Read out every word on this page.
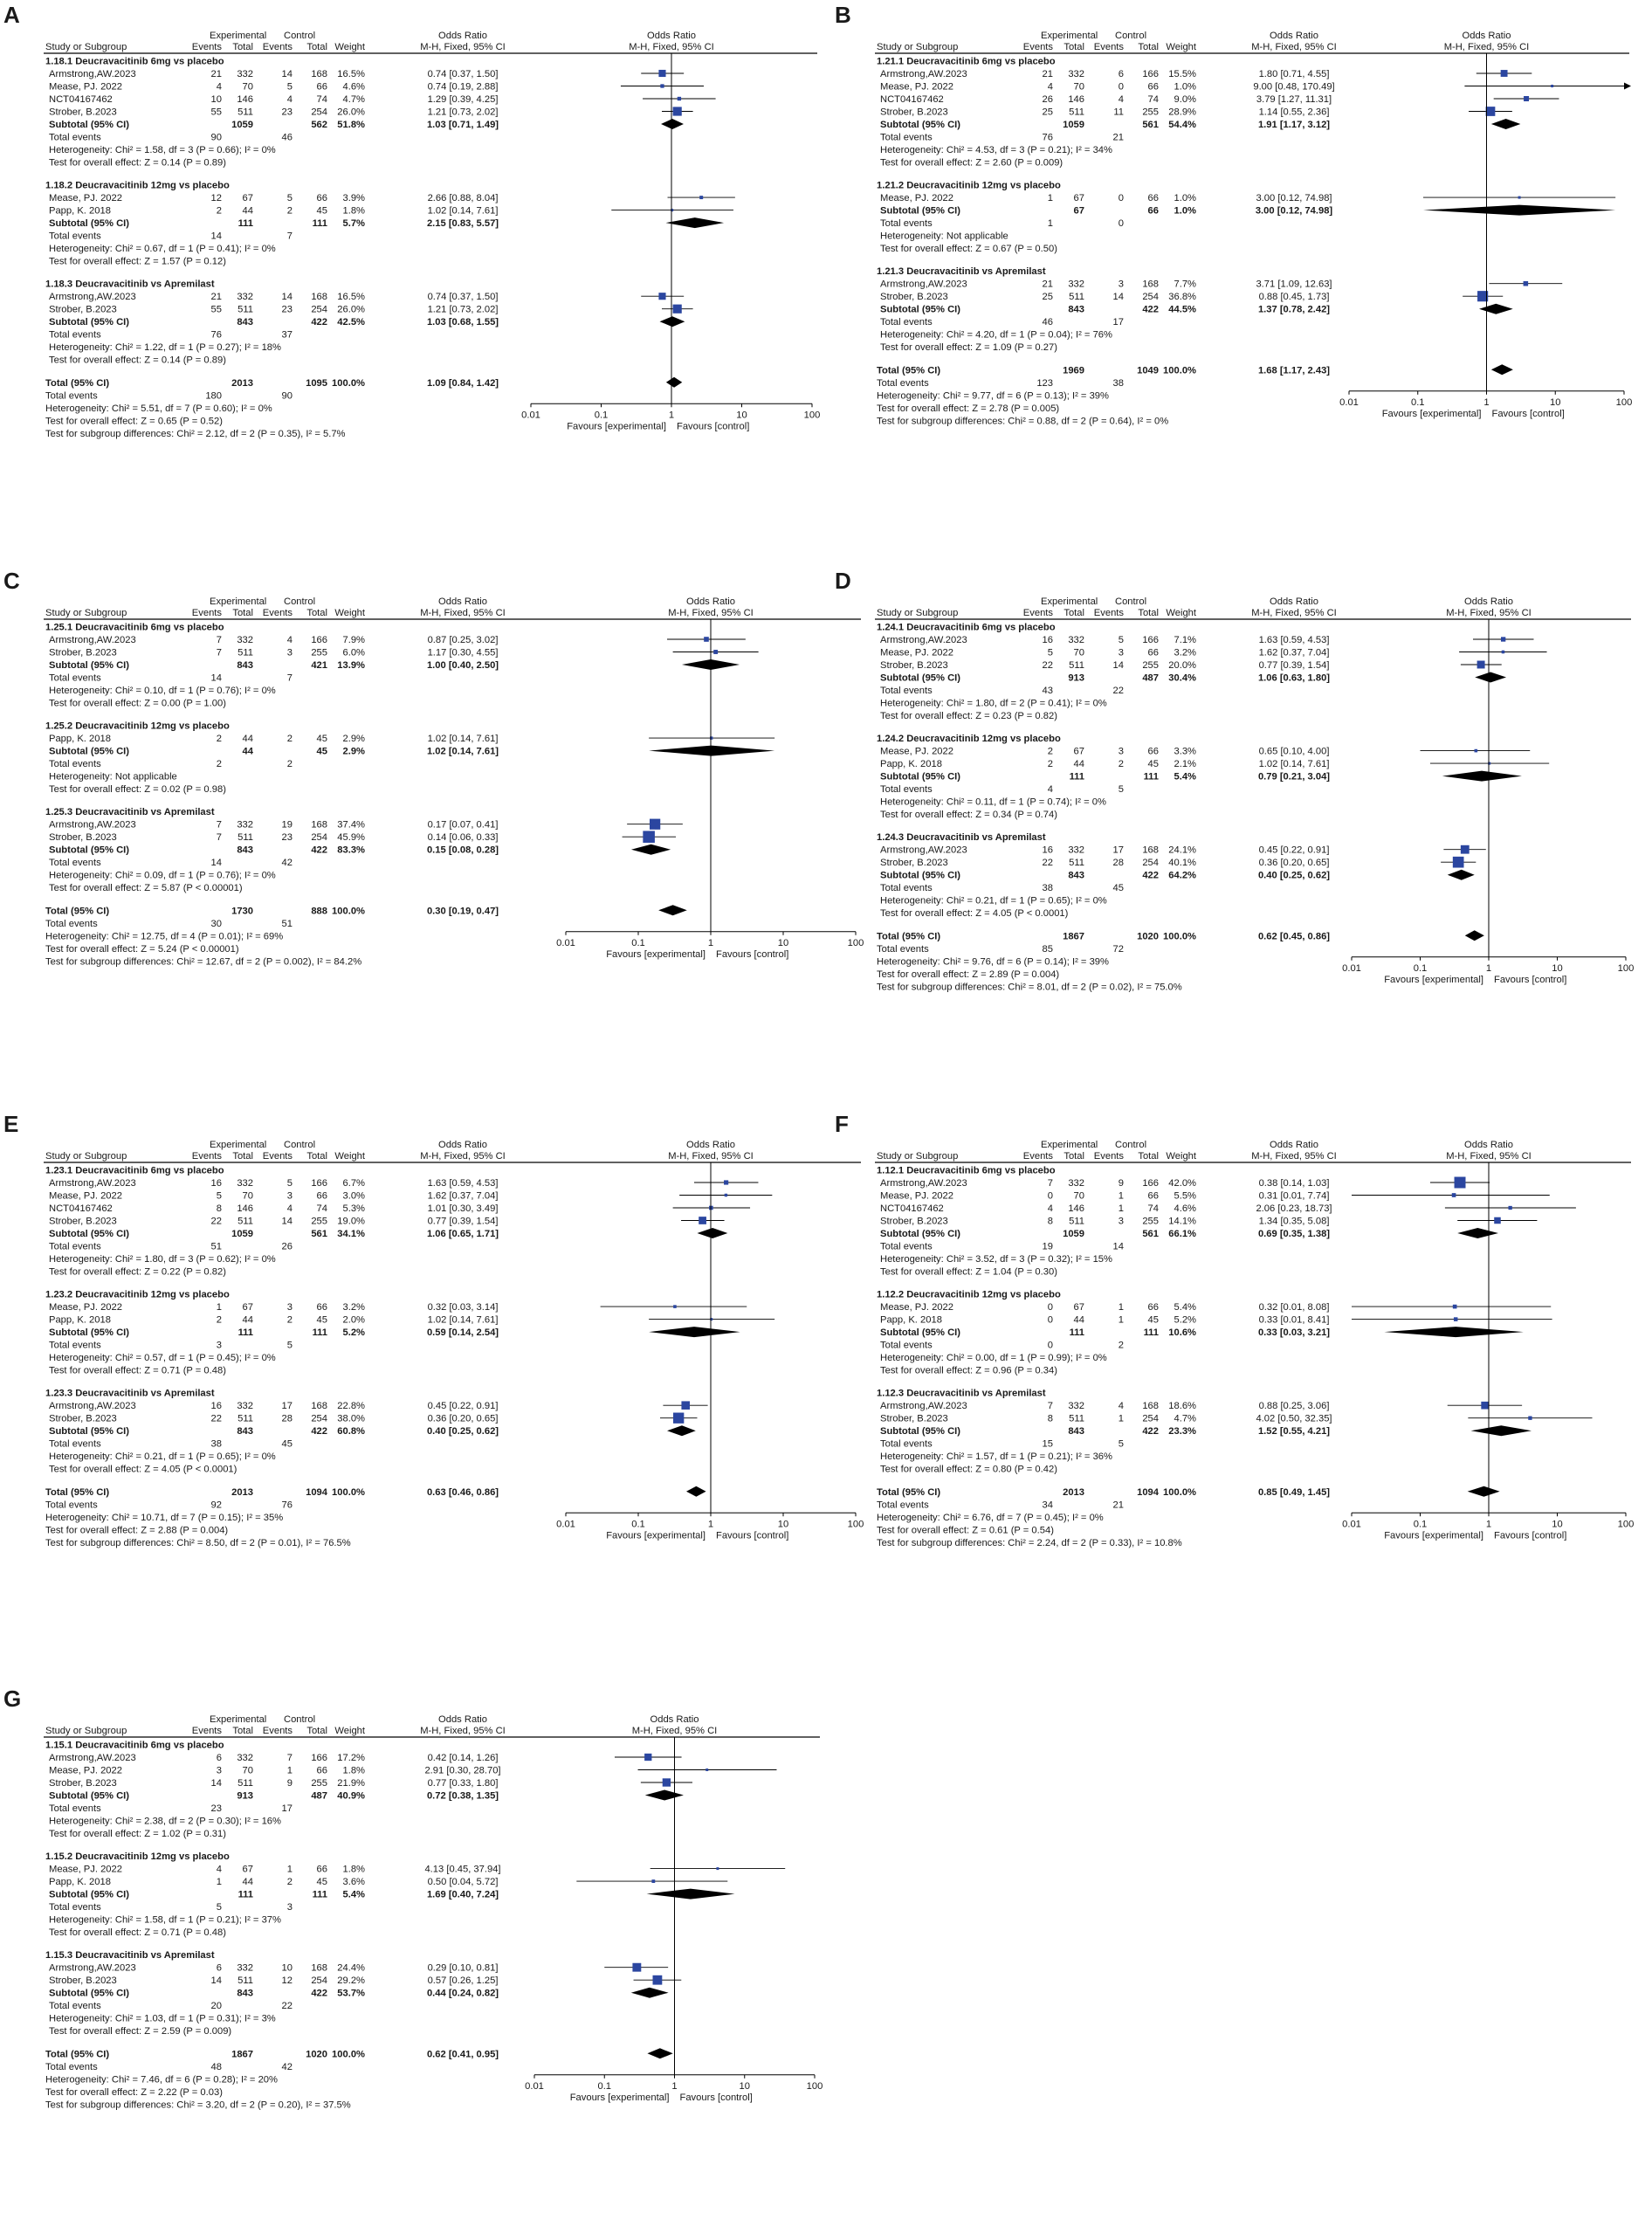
A
Experimental Control	Odds Ratio	Odds Ratio
Study or Subgroup	Events Total Events Total Weight	M-H, Fixed, 95% CI	M-H, Fixed, 95% CI
1.18.1 Deucravacitinib 6mg vs placebo
Armstrong,AW.2023	21 332	14 168 16.5%	0.74 [0.37, 1.50]
Mease, PJ. 2022	4 70	5 66 4.6%	0.74 [0.19, 2.88]
NCT04167462	10 146	4 74 4.7%	1.29 [0.39, 4.25]
Strober, B.2023	55 511	23 254 26.0%	1.21 [0.73, 2.02]
Subtotal (95% CI)	1059	562 51.8%	1.03 [0.71, 1.49]
Total events	90	46
Heterogeneity: Chi² = 1.58, df = 3 (P = 0.66); I² = 0%
Test for overall effect: Z = 0.14 (P = 0.89)
1.18.2 Deucravacitinib 12mg vs placebo
Mease, PJ. 2022	12 67	5 66 3.9%	2.66 [0.88, 8.04]
Papp, K. 2018	2 44	2 45 1.8%	1.02 [0.14, 7.61]
Subtotal (95% CI)	111	111 5.7%	2.15 [0.83, 5.57]
Total events	14	7
Heterogeneity: Chi² = 0.67, df = 1 (P = 0.41); I² = 0%
Test for overall effect: Z = 1.57 (P = 0.12)
1.18.3 Deucravacitinib vs Apremilast
Armstrong,AW.2023	21 332	14 168 16.5%	0.74 [0.37, 1.50]
Strober, B.2023	55 511	23 254 26.0%	1.21 [0.73, 2.02]
Subtotal (95% CI)	843	422 42.5%	1.03 [0.68, 1.55]
Total events	76	37
Heterogeneity: Chi² = 1.22, df = 1 (P = 0.27); I² = 18%
Test for overall effect: Z = 0.14 (P = 0.89)
Total (95% CI)	2013	1095 100.0%	1.09 [0.84, 1.42]
Total events	180	90
0.01	0.1	1	10	100
Favours [experimental] Favours [control]
Heterogeneity: Chi² = 5.51, df = 7 (P = 0.60); I² = 0%
Test for overall effect: Z = 0.65 (P = 0.52)
Test for subgroup differences: Chi² = 2.12, df = 2 (P = 0.35), I² = 5.7%
B
Experimental Control	Odds Ratio	Odds Ratio
Study or Subgroup	Events Total Events Total Weight	M-H, Fixed, 95% CI	M-H, Fixed, 95% CI
1.21.1 Deucravacitinib 6mg vs placebo
Armstrong,AW.2023	21 332	6 166 15.5%	1.80 [0.71, 4.55]
Mease, PJ. 2022	4 70	0 66 1.0%	9.00 [0.48, 170.49]
NCT04167462	26 146	4 74 9.0%	3.79 [1.27, 11.31]
Strober, B.2023	25 511	11 255 28.9%	1.14 [0.55, 2.36]
Subtotal (95% CI)	1059	561 54.4%	1.91 [1.17, 3.12]
Total events	76	21
Heterogeneity: Chi² = 4.53, df = 3 (P = 0.21); I² = 34%
Test for overall effect: Z = 2.60 (P = 0.009)
1.21.2 Deucravacitinib 12mg vs placebo
Mease, PJ. 2022	1 67	0 66 1.0%	3.00 [0.12, 74.98]
Subtotal (95% CI)	67	66 1.0%	3.00 [0.12, 74.98]
Total events	1	0
Heterogeneity: Not applicable
Test for overall effect: Z = 0.67 (P = 0.50)
1.21.3 Deucravacitinib vs Apremilast
Armstrong,AW.2023	21 332	3 168 7.7%	3.71 [1.09, 12.63]
Strober, B.2023	25 511	14 254 36.8%	0.88 [0.45, 1.73]
Subtotal (95% CI)	843	422 44.5%	1.37 [0.78, 2.42]
Total events	46	17
Heterogeneity: Chi² = 4.20, df = 1 (P = 0.04); I² = 76%
Test for overall effect: Z = 1.09 (P = 0.27)
Total (95% CI)	1969	1049 100.0%	1.68 [1.17, 2.43]
Total events	123	38
0.01	0.1	1	10	100
Favours [experimental] Favours [control]
Heterogeneity: Chi² = 9.77, df = 6 (P = 0.13); I² = 39%
Test for overall effect: Z = 2.78 (P = 0.005)
Test for subgroup differences: Chi² = 0.88, df = 2 (P = 0.64), I² = 0%
C
Experimental Control	Odds Ratio	Odds Ratio
Study or Subgroup	Events Total Events Total Weight	M-H, Fixed, 95% CI	M-H, Fixed, 95% CI
1.25.1 Deucravacitinib 6mg vs placebo
Armstrong,AW.2023	7 332	4 166 7.9%	0.87 [0.25, 3.02]
Strober, B.2023	7 511	3 255 6.0%	1.17 [0.30, 4.55]
Subtotal (95% CI)	843	421 13.9%	1.00 [0.40, 2.50]
Total events	14	7
Heterogeneity: Chi² = 0.10, df = 1 (P = 0.76); I² = 0%
Test for overall effect: Z = 0.00 (P = 1.00)
1.25.2 Deucravacitinib 12mg vs placebo
Papp, K. 2018	2 44	2 45 2.9%	1.02 [0.14, 7.61]
Subtotal (95% CI)	44	45 2.9%	1.02 [0.14, 7.61]
Total events	2	2
Heterogeneity: Not applicable
Test for overall effect: Z = 0.02 (P = 0.98)
1.25.3 Deucravacitinib vs Apremilast
Armstrong,AW.2023	7 332	19 168 37.4%	0.17 [0.07, 0.41]
Strober, B.2023	7 511	23 254 45.9%	0.14 [0.06, 0.33]
Subtotal (95% CI)	843	422 83.3%	0.15 [0.08, 0.28]
Total events	14	42
Heterogeneity: Chi² = 0.09, df = 1 (P = 0.76); I² = 0%
Test for overall effect: Z = 5.87 (P < 0.00001)
Total (95% CI)	1730	888 100.0%	0.30 [0.19, 0.47]
Total events	30	51
0.01	0.1	1	10	100
Favours [experimental] Favours [control]
Heterogeneity: Chi² = 12.75, df = 4 (P = 0.01); I² = 69%
Test for overall effect: Z = 5.24 (P < 0.00001)
Test for subgroup differences: Chi² = 12.67, df = 2 (P = 0.002), I² = 84.2%
D
Experimental Control	Odds Ratio	Odds Ratio
Study or Subgroup	Events Total Events Total Weight	M-H, Fixed, 95% CI	M-H, Fixed, 95% CI
1.24.1 Deucravacitinib 6mg vs placebo
Armstrong,AW.2023	16 332	5 166 7.1%	1.63 [0.59, 4.53]
Mease, PJ. 2022	5 70	3 66 3.2%	1.62 [0.37, 7.04]
Strober, B.2023	22 511	14 255 20.0%	0.77 [0.39, 1.54]
Subtotal (95% CI)	913	487 30.4%	1.06 [0.63, 1.80]
Total events	43	22
Heterogeneity: Chi² = 1.80, df = 2 (P = 0.41); I² = 0%
Test for overall effect: Z = 0.23 (P = 0.82)
1.24.2 Deucravacitinib 12mg vs placebo
Mease, PJ. 2022	2 67	3 66 3.3%	0.65 [0.10, 4.00]
Papp, K. 2018	2 44	2 45 2.1%	1.02 [0.14, 7.61]
Subtotal (95% CI)	111	111 5.4%	0.79 [0.21, 3.04]
Total events	4	5
Heterogeneity: Chi² = 0.11, df = 1 (P = 0.74); I² = 0%
Test for overall effect: Z = 0.34 (P = 0.74)
1.24.3 Deucravacitinib vs Apremilast
Armstrong,AW.2023	16 332	17 168 24.1%	0.45 [0.22, 0.91]
Strober, B.2023	22 511	28 254 40.1%	0.36 [0.20, 0.65]
Subtotal (95% CI)	843	422 64.2%	0.40 [0.25, 0.62]
Total events	38	45
Heterogeneity: Chi² = 0.21, df = 1 (P = 0.65); I² = 0%
Test for overall effect: Z = 4.05 (P < 0.0001)
Total (95% CI)	1867	1020 100.0%	0.62 [0.45, 0.86]
Total events	85	72
0.01	0.1	1	10	100
Favours [experimental] Favours [control]
Heterogeneity: Chi² = 9.76, df = 6 (P = 0.14); I² = 39%
Test for overall effect: Z = 2.89 (P = 0.004)
Test for subgroup differences: Chi² = 8.01, df = 2 (P = 0.02), I² = 75.0%
E
Experimental Control	Odds Ratio	Odds Ratio
Study or Subgroup	Events Total Events Total Weight	M-H, Fixed, 95% CI	M-H, Fixed, 95% CI
1.23.1 Deucravacitinib 6mg vs placebo
Armstrong,AW.2023	16 332	5 166 6.7%	1.63 [0.59, 4.53]
Mease, PJ. 2022	5 70	3 66 3.0%	1.62 [0.37, 7.04]
NCT04167462	8 146	4 74 5.3%	1.01 [0.30, 3.49]
Strober, B.2023	22 511	14 255 19.0%	0.77 [0.39, 1.54]
Subtotal (95% CI)	1059	561 34.1%	1.06 [0.65, 1.71]
Total events	51	26
Heterogeneity: Chi² = 1.80, df = 3 (P = 0.62); I² = 0%
Test for overall effect: Z = 0.22 (P = 0.82)
1.23.2 Deucravacitinib 12mg vs placebo
Mease, PJ. 2022	1 67	3 66 3.2%	0.32 [0.03, 3.14]
Papp, K. 2018	2 44	2 45 2.0%	1.02 [0.14, 7.61]
Subtotal (95% CI)	111	111 5.2%	0.59 [0.14, 2.54]
Total events	3	5
Heterogeneity: Chi² = 0.57, df = 1 (P = 0.45); I² = 0%
Test for overall effect: Z = 0.71 (P = 0.48)
1.23.3 Deucravacitinib vs Apremilast
Armstrong,AW.2023	16 332	17 168 22.8%	0.45 [0.22, 0.91]
Strober, B.2023	22 511	28 254 38.0%	0.36 [0.20, 0.65]
Subtotal (95% CI)	843	422 60.8%	0.40 [0.25, 0.62]
Total events	38	45
Heterogeneity: Chi² = 0.21, df = 1 (P = 0.65); I² = 0%
Test for overall effect: Z = 4.05 (P < 0.0001)
Total (95% CI)	2013	1094 100.0%	0.63 [0.46, 0.86]
Total events	92	76
0.01	0.1	1	10	100
Favours [experimental] Favours [control]
Heterogeneity: Chi² = 10.71, df = 7 (P = 0.15); I² = 35%
Test for overall effect: Z = 2.88 (P = 0.004)
Test for subgroup differences: Chi² = 8.50, df = 2 (P = 0.01), I² = 76.5%
F
Experimental Control	Odds Ratio	Odds Ratio
Study or Subgroup	Events Total Events Total Weight	M-H, Fixed, 95% CI	M-H, Fixed, 95% CI
1.12.1 Deucravacitinib 6mg vs placebo
Armstrong,AW.2023	7 332	9 166 42.0%	0.38 [0.14, 1.03]
Mease, PJ. 2022	0 70	1 66 5.5%	0.31 [0.01, 7.74]
NCT04167462	4 146	1 74 4.6%	2.06 [0.23, 18.73]
Strober, B.2023	8 511	3 255 14.1%	1.34 [0.35, 5.08]
Subtotal (95% CI)	1059	561 66.1%	0.69 [0.35, 1.38]
Total events	19	14
Heterogeneity: Chi² = 3.52, df = 3 (P = 0.32); I² = 15%
Test for overall effect: Z = 1.04 (P = 0.30)
1.12.2 Deucravacitinib 12mg vs placebo
Mease, PJ. 2022	0 67	1 66 5.4%	0.32 [0.01, 8.08]
Papp, K. 2018	0 44	1 45 5.2%	0.33 [0.01, 8.41]
Subtotal (95% CI)	111	111 10.6%	0.33 [0.03, 3.21]
Total events	0	2
Heterogeneity: Chi² = 0.00, df = 1 (P = 0.99); I² = 0%
Test for overall effect: Z = 0.96 (P = 0.34)
1.12.3 Deucravacitinib vs Apremilast
Armstrong,AW.2023	7 332	4 168 18.6%	0.88 [0.25, 3.06]
Strober, B.2023	8 511	1 254 4.7%	4.02 [0.50, 32.35]
Subtotal (95% CI)	843	422 23.3%	1.52 [0.55, 4.21]
Total events	15	5
Heterogeneity: Chi² = 1.57, df = 1 (P = 0.21); I² = 36%
Test for overall effect: Z = 0.80 (P = 0.42)
Total (95% CI)	2013	1094 100.0%	0.85 [0.49, 1.45]
Total events	34	21
0.01	0.1	1	10	100
Favours [experimental] Favours [control]
Heterogeneity: Chi² = 6.76, df = 7 (P = 0.45); I² = 0%
Test for overall effect: Z = 0.61 (P = 0.54)
Test for subgroup differences: Chi² = 2.24, df = 2 (P = 0.33), I² = 10.8%
G
Experimental Control	Odds Ratio	Odds Ratio
Study or Subgroup	Events Total Events Total Weight	M-H, Fixed, 95% CI	M-H, Fixed, 95% CI
1.15.1 Deucravacitinib 6mg vs placebo
Armstrong,AW.2023	6 332	7 166 17.2%	0.42 [0.14, 1.26]
Mease, PJ. 2022	3 70	1 66 1.8%	2.91 [0.30, 28.70]
Strober, B.2023	14 511	9 255 21.9%	0.77 [0.33, 1.80]
Subtotal (95% CI)	913	487 40.9%	0.72 [0.38, 1.35]
Total events	23	17
Heterogeneity: Chi² = 2.38, df = 2 (P = 0.30); I² = 16%
Test for overall effect: Z = 1.02 (P = 0.31)
1.15.2 Deucravacitinib 12mg vs placebo
Mease, PJ. 2022	4 67	1 66 1.8%	4.13 [0.45, 37.94]
Papp, K. 2018	1 44	2 45 3.6%	0.50 [0.04, 5.72]
Subtotal (95% CI)	111	111 5.4%	1.69 [0.40, 7.24]
Total events	5	3
Heterogeneity: Chi² = 1.58, df = 1 (P = 0.21); I² = 37%
Test for overall effect: Z = 0.71 (P = 0.48)
1.15.3 Deucravacitinib vs Apremilast
Armstrong,AW.2023	6 332	10 168 24.4%	0.29 [0.10, 0.81]
Strober, B.2023	14 511	12 254 29.2%	0.57 [0.26, 1.25]
Subtotal (95% CI)	843	422 53.7%	0.44 [0.24, 0.82]
Total events	20	22
Heterogeneity: Chi² = 1.03, df = 1 (P = 0.31); I² = 3%
Test for overall effect: Z = 2.59 (P = 0.009)
Total (95% CI)	1867	1020 100.0%	0.62 [0.41, 0.95]
Total events	48	42
0.01	0.1	1	10	100
Favours [experimental] Favours [control]
Heterogeneity: Chi² = 7.46, df = 6 (P = 0.28); I² = 20%
Test for overall effect: Z = 2.22 (P = 0.03)
Test for subgroup differences: Chi² = 3.20, df = 2 (P = 0.20), I² = 37.5%
